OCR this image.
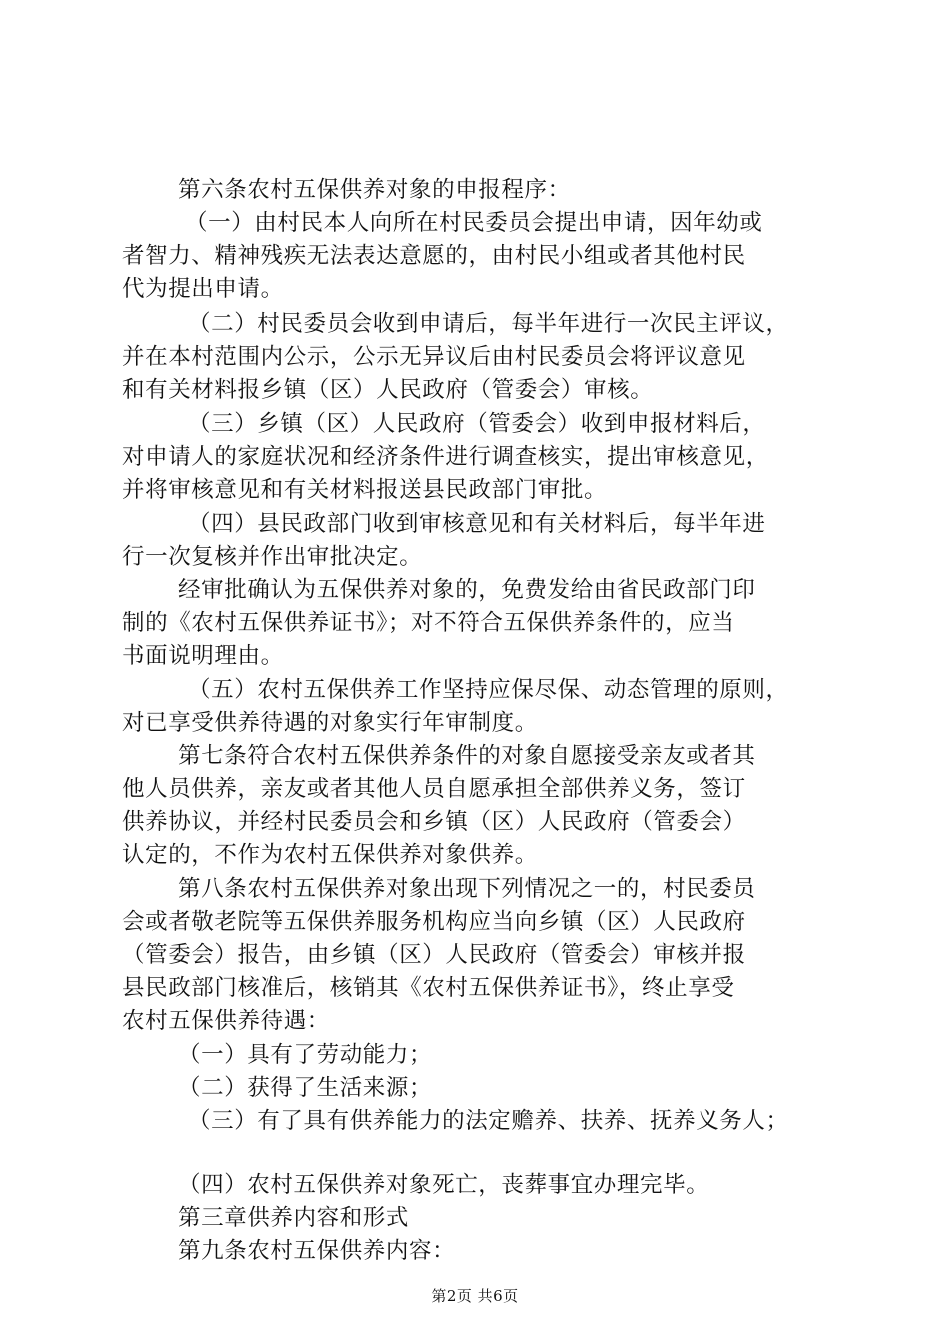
第六条农村五保供养对象的申报程序：
（一）由村民本人向所在村民委员会提出申请，因年幼或
者智力、精神残疾无法表达意愿的，由村民小组或者其他村民
代为提出申请。
（二）村民委员会收到申请后，每半年进行一次民主评议，
并在本村范围内公示，公示无异议后由村民委员会将评议意见
和有关材料报乡镇（区）人民政府（管委会）审核。
（三）乡镇（区）人民政府（管委会）收到申报材料后，
对申请人的家庭状况和经济条件进行调查核实，提出审核意见，
并将审核意见和有关材料报送县民政部门审批。
（四）县民政部门收到审核意见和有关材料后，每半年进
行一次复核并作出审批决定。
经审批确认为五保供养对象的，免费发给由省民政部门印
制的《农村五保供养证书》；对不符合五保供养条件的，应当
书面说明理由。
（五）农村五保供养工作坚持应保尽保、动态管理的原则，
对已享受供养待遇的对象实行年审制度。
第七条符合农村五保供养条件的对象自愿接受亲友或者其
他人员供养，亲友或者其他人员自愿承担全部供养义务，签订
供养协议，并经村民委员会和乡镇（区）人民政府（管委会）
认定的，不作为农村五保供养对象供养。
第八条农村五保供养对象出现下列情况之一的，村民委员
会或者敬老院等五保供养服务机构应当向乡镇（区）人民政府
（管委会）报告，由乡镇（区）人民政府（管委会）审核并报
县民政部门核准后，核销其《农村五保供养证书》，终止享受
农村五保供养待遇：
（一）具有了劳动能力；
（二）获得了生活来源；
（三）有了具有供养能力的法定赡养、扶养、抚养义务人；
（四）农村五保供养对象死亡，丧葬事宜办理完毕。
第三章供养内容和形式
第九条农村五保供养内容：
第2页 共6页
